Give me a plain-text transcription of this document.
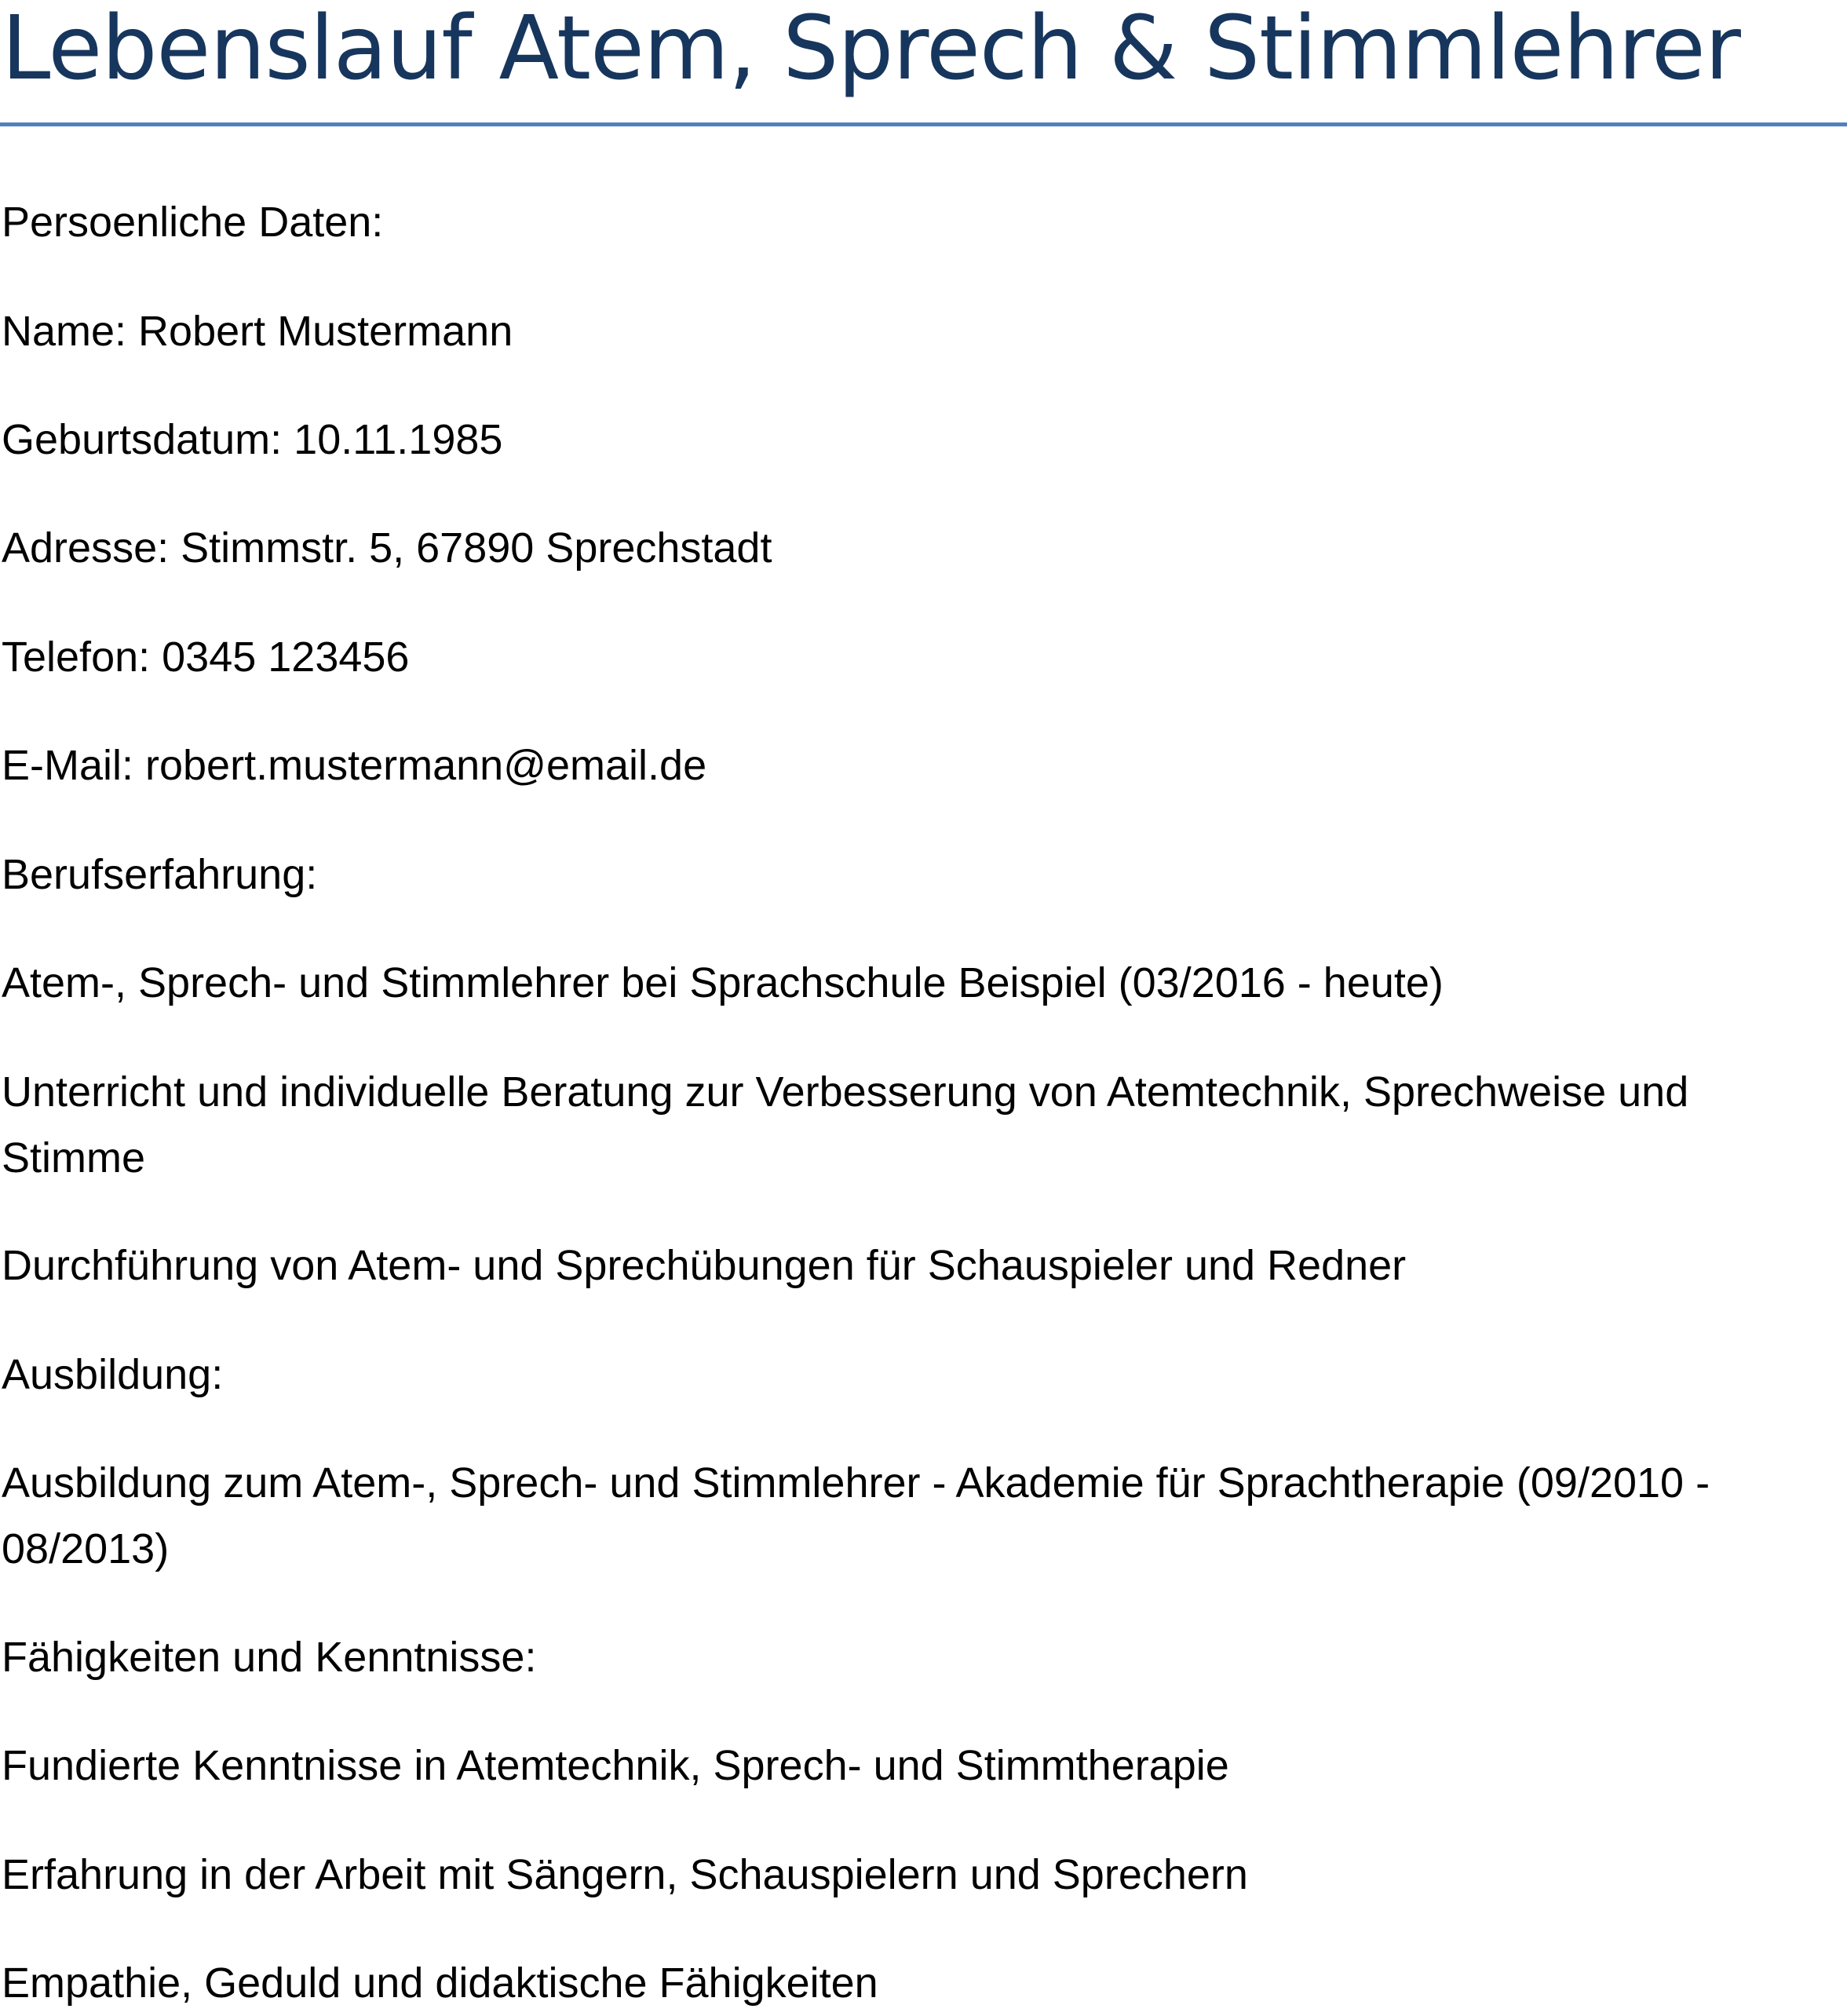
Lebenslauf Atem, Sprech & Stimmlehrer

Persoenliche Daten:

Name: Robert Mustermann

Geburtsdatum: 10.11.1985

Adresse: Stimmstr. 5, 67890 Sprechstadt

Telefon: 0345 123456

E-Mail: robert.mustermann@email.de

Berufserfahrung:

Atem-, Sprech- und Stimmlehrer bei Sprachschule Beispiel (03/2016 - heute)

Unterricht und individuelle Beratung zur Verbesserung von Atemtechnik, Sprechweise und Stimme

Durchführung von Atem- und Sprechübungen für Schauspieler und Redner

Ausbildung:

Ausbildung zum Atem-, Sprech- und Stimmlehrer - Akademie für Sprachtherapie (09/2010 - 08/2013)

Fähigkeiten und Kenntnisse:

Fundierte Kenntnisse in Atemtechnik, Sprech- und Stimmtherapie

Erfahrung in der Arbeit mit Sängern, Schauspielern und Sprechern

Empathie, Geduld und didaktische Fähigkeiten
